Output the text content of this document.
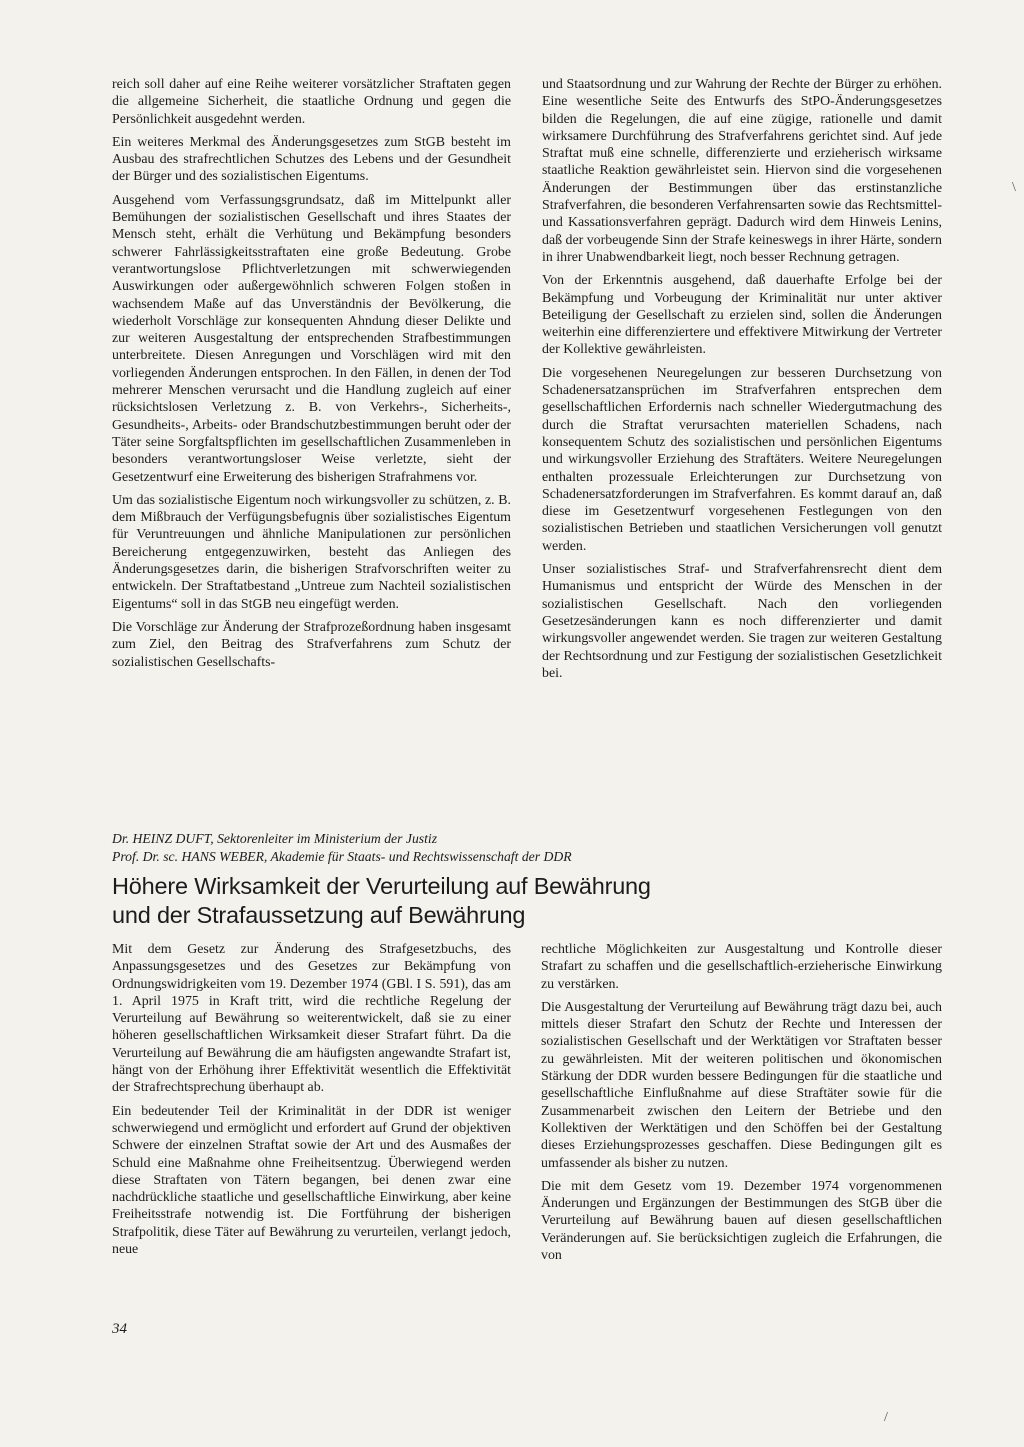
reich soll daher auf eine Reihe weiterer vorsätzlicher Straftaten gegen die allgemeine Sicherheit, die staatliche Ordnung und gegen die Persönlichkeit ausgedehnt werden.

Ein weiteres Merkmal des Änderungsgesetzes zum StGB besteht im Ausbau des strafrechtlichen Schutzes des Lebens und der Gesundheit der Bürger und des sozialistischen Eigentums.

Ausgehend vom Verfassungsgrundsatz, daß im Mittelpunkt aller Bemühungen der sozialistischen Gesellschaft und ihres Staates der Mensch steht, erhält die Verhütung und Bekämpfung besonders schwerer Fahrlässigkeitsstraftaten eine große Bedeutung. Grobe verantwortungslose Pflichtverletzungen mit schwerwiegenden Auswirkungen oder außergewöhnlich schweren Folgen stoßen in wachsendem Maße auf das Unverständnis der Bevölkerung, die wiederholt Vorschläge zur konsequenten Ahndung dieser Delikte und zur weiteren Ausgestaltung der entsprechenden Strafbestimmungen unterbreitete. Diesen Anregungen und Vorschlägen wird mit den vorliegenden Änderungen entsprochen. In den Fällen, in denen der Tod mehrerer Menschen verursacht und die Handlung zugleich auf einer rücksichtslosen Verletzung z. B. von Verkehrs-, Sicherheits-, Gesundheits-, Arbeits- oder Brandschutzbestimmungen beruht oder der Täter seine Sorgfaltspflichten im gesellschaftlichen Zusammenleben in besonders verantwortungsloser Weise verletzte, sieht der Gesetzentwurf eine Erweiterung des bisherigen Strafrahmens vor.

Um das sozialistische Eigentum noch wirkungsvoller zu schützen, z. B. dem Mißbrauch der Verfügungsbefugnis über sozialistisches Eigentum für Veruntreuungen und ähnliche Manipulationen zur persönlichen Bereicherung entgegenzuwirken, besteht das Anliegen des Änderungsgesetzes darin, die bisherigen Strafvorschriften weiter zu entwickeln. Der Straftatbestand „Untreue zum Nachteil sozialistischen Eigentums“ soll in das StGB neu eingefügt werden.

Die Vorschläge zur Änderung der Strafprozeßordnung haben insgesamt zum Ziel, den Beitrag des Strafverfahrens zum Schutz der sozialistischen Gesellschafts-

und Staatsordnung und zur Wahrung der Rechte der Bürger zu erhöhen. Eine wesentliche Seite des Entwurfs des StPO-Änderungsgesetzes bilden die Regelungen, die auf eine zügige, rationelle und damit wirksamere Durchführung des Strafverfahrens gerichtet sind. Auf jede Straftat muß eine schnelle, differenzierte und erzieherisch wirksame staatliche Reaktion gewährleistet sein. Hiervon sind die vorgesehenen Änderungen der Bestimmungen über das erstinstanzliche Strafverfahren, die besonderen Verfahrensarten sowie das Rechtsmittel- und Kassationsverfahren geprägt. Dadurch wird dem Hinweis Lenins, daß der vorbeugende Sinn der Strafe keineswegs in ihrer Härte, sondern in ihrer Unabwendbarkeit liegt, noch besser Rechnung getragen.

Von der Erkenntnis ausgehend, daß dauerhafte Erfolge bei der Bekämpfung und Vorbeugung der Kriminalität nur unter aktiver Beteiligung der Gesellschaft zu erzielen sind, sollen die Änderungen weiterhin eine differenziertere und effektivere Mitwirkung der Vertreter der Kollektive gewährleisten.

Die vorgesehenen Neuregelungen zur besseren Durchsetzung von Schadenersatzansprüchen im Strafverfahren entsprechen dem gesellschaftlichen Erfordernis nach schneller Wiedergutmachung des durch die Straftat verursachten materiellen Schadens, nach konsequentem Schutz des sozialistischen und persönlichen Eigentums und wirkungsvoller Erziehung des Straftäters. Weitere Neuregelungen enthalten prozessuale Erleichterungen zur Durchsetzung von Schadenersatzforderungen im Strafverfahren. Es kommt darauf an, daß diese im Gesetzentwurf vorgesehenen Festlegungen von den sozialistischen Betrieben und staatlichen Versicherungen voll genutzt werden.

Unser sozialistisches Straf- und Strafverfahrensrecht dient dem Humanismus und entspricht der Würde des Menschen in der sozialistischen Gesellschaft. Nach den vorliegenden Gesetzesänderungen kann es noch differenzierter und damit wirkungsvoller angewendet werden. Sie tragen zur weiteren Gestaltung der Rechtsordnung und zur Festigung der sozialistischen Gesetzlichkeit bei.

Dr. HEINZ DUFT, Sektorenleiter im Ministerium der Justiz
Prof. Dr. sc. HANS WEBER, Akademie für Staats- und Rechtswissenschaft der DDR
Höhere Wirksamkeit der Verurteilung auf Bewährung
und der Strafaussetzung auf Bewährung

Mit dem Gesetz zur Änderung des Strafgesetzbuchs, des Anpassungsgesetzes und des Gesetzes zur Bekämpfung von Ordnungswidrigkeiten vom 19. Dezember 1974 (GBl. I S. 591), das am 1. April 1975 in Kraft tritt, wird die rechtliche Regelung der Verurteilung auf Bewährung so weiterentwickelt, daß sie zu einer höheren gesellschaftlichen Wirksamkeit dieser Strafart führt. Da die Verurteilung auf Bewährung die am häufigsten angewandte Strafart ist, hängt von der Erhöhung ihrer Effektivität wesentlich die Effektivität der Strafrechtsprechung überhaupt ab.

Ein bedeutender Teil der Kriminalität in der DDR ist weniger schwerwiegend und ermöglicht und erfordert auf Grund der objektiven Schwere der einzelnen Straftat sowie der Art und des Ausmaßes der Schuld eine Maßnahme ohne Freiheitsentzug. Überwiegend werden diese Straftaten von Tätern begangen, bei denen zwar eine nachdrückliche staatliche und gesellschaftliche Einwirkung, aber keine Freiheitsstrafe notwendig ist. Die Fortführung der bisherigen Strafpolitik, diese Täter auf Bewährung zu verurteilen, verlangt jedoch, neue

rechtliche Möglichkeiten zur Ausgestaltung und Kontrolle dieser Strafart zu schaffen und die gesellschaftlich-erzieherische Einwirkung zu verstärken.

Die Ausgestaltung der Verurteilung auf Bewährung trägt dazu bei, auch mittels dieser Strafart den Schutz der Rechte und Interessen der sozialistischen Gesellschaft und der Werktätigen vor Straftaten besser zu gewährleisten. Mit der weiteren politischen und ökonomischen Stärkung der DDR wurden bessere Bedingungen für die staatliche und gesellschaftliche Einflußnahme auf diese Straftäter sowie für die Zusammenarbeit zwischen den Leitern der Betriebe und den Kollektiven der Werktätigen und den Schöffen bei der Gestaltung dieses Erziehungsprozesses geschaffen. Diese Bedingungen gilt es umfassender als bisher zu nutzen.

Die mit dem Gesetz vom 19. Dezember 1974 vorgenommenen Änderungen und Ergänzungen der Bestimmungen des StGB über die Verurteilung auf Bewährung bauen auf diesen gesellschaftlichen Veränderungen auf. Sie berücksichtigen zugleich die Erfahrungen, die von

34
\
/
